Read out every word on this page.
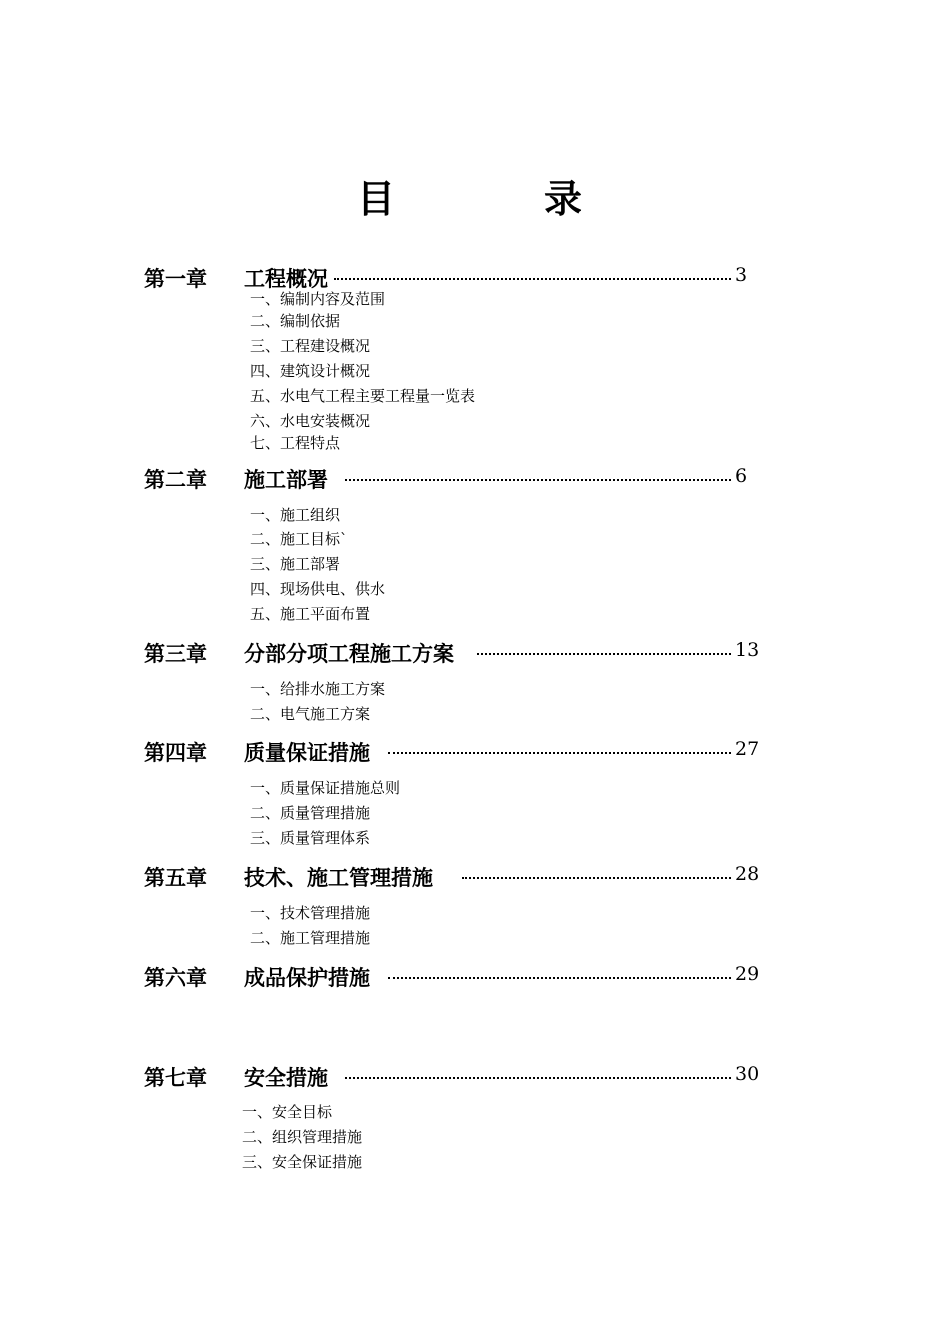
目	录
第一章 工程概况	3
一、编制内容及范围
二、编制依据
三、工程建设概况
四、建筑设计概况
五、水电气工程主要工程量一览表
六、水电安装概况
七、工程特点
第二章 施工部署	6
一、施工组织
二、施工目标`
三、施工部署
四、现场供电、供水
五、施工平面布置
第三章 分部分项工程施工方案	13
一、给排水施工方案
二、电气施工方案
第四章 质量保证措施	27
一、质量保证措施总则
二、质量管理措施
三、质量管理体系
第五章 技术、施工管理措施	28
一、技术管理措施
二、施工管理措施
第六章 成品保护措施	29
第七章 安全措施	30
一、安全目标
二、组织管理措施
三、安全保证措施
